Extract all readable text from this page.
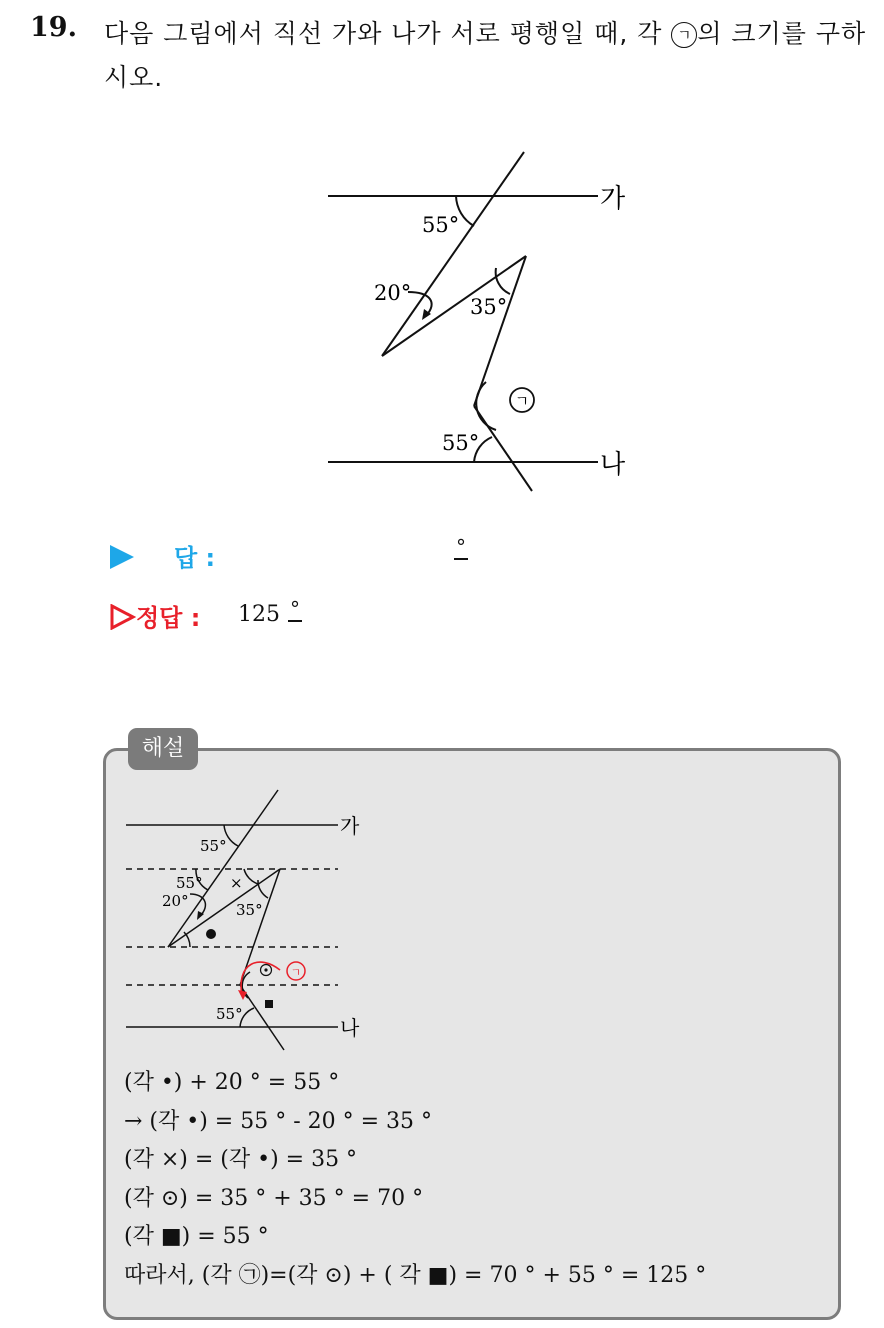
19. 다음 그림에서 직선 가와 나가 서로 평행일 때, 각 ㄱ 의 크기를 구하시오.
가
나
55°
20°
35°
55°
ㄱ
답 :	°
정답 : 125 °
해설
ㄱ
가
나
55°
55°
20°	35°
×
55°
(각 •) + 20 ° = 55 °
→ (각 •) = 55 ° - 20 ° = 35 °
(각 ×) = (각 •) = 35 °
(각 ⊙) = 35 ° + 35 ° = 70 °
(각 ■) = 55 °
따라서, (각 ㉠)=(각 ⊙) + ( 각 ■) = 70 ° + 55 ° = 125 °
